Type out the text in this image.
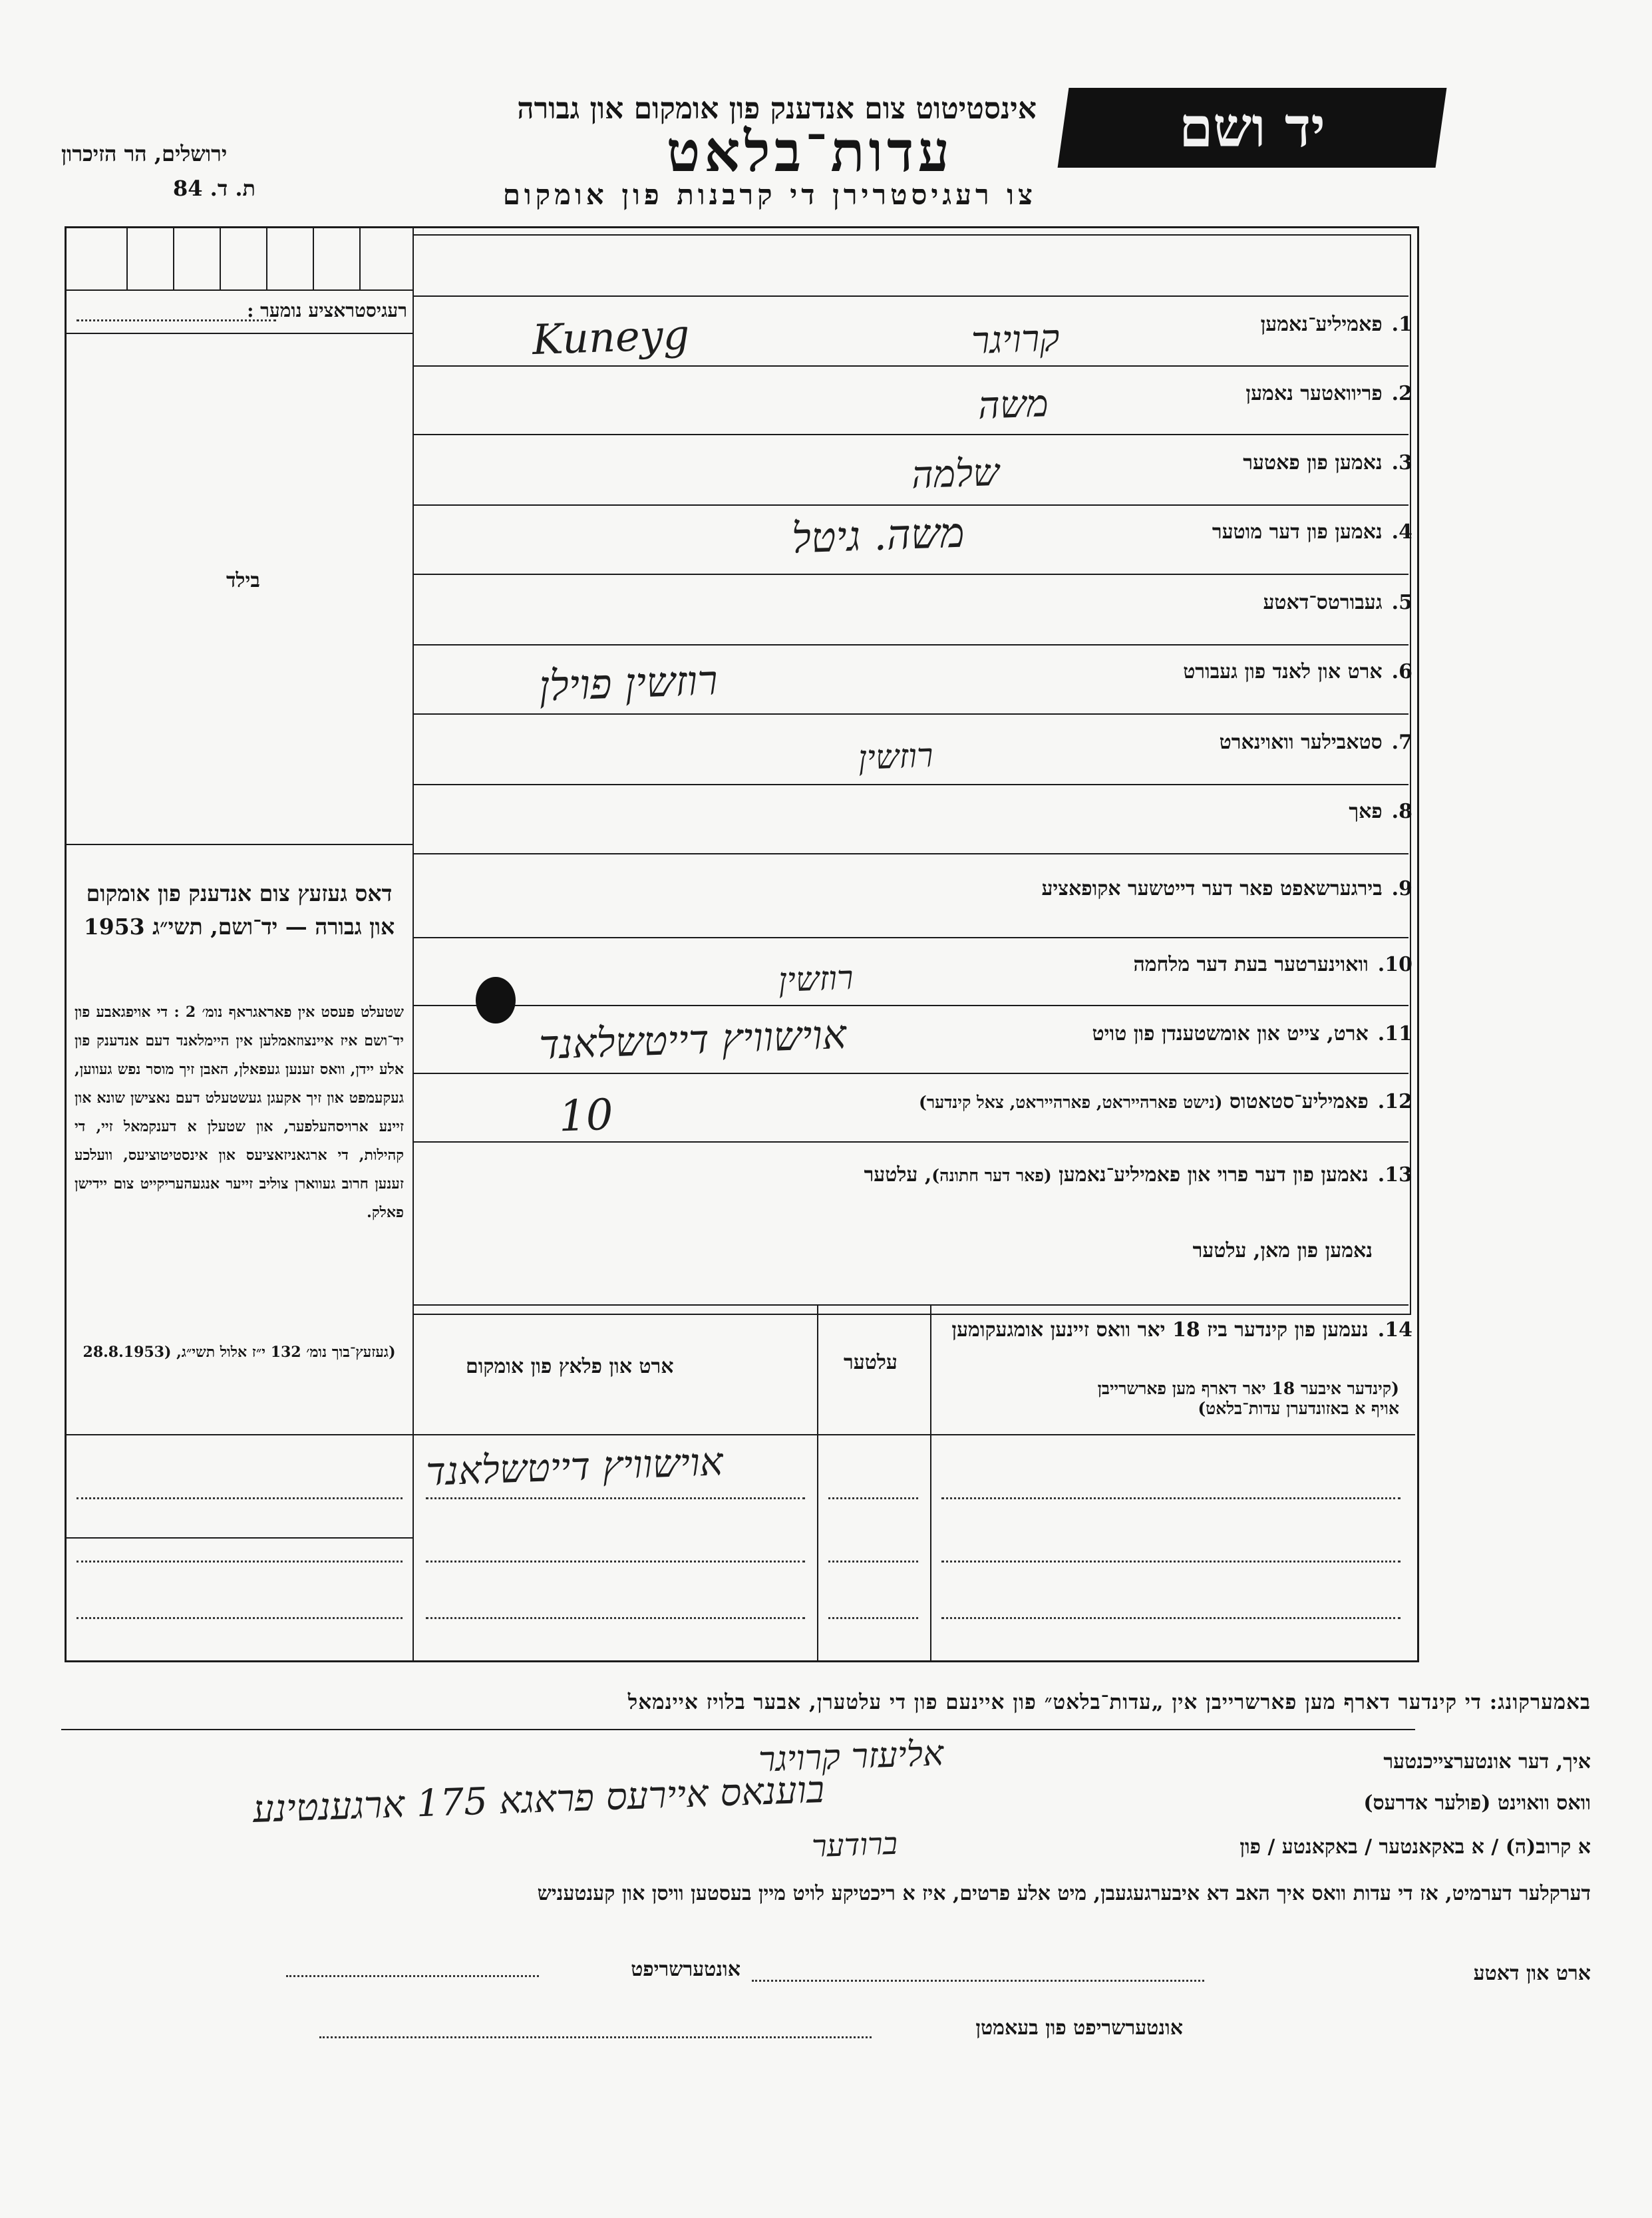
יד ושם
אינסטיטוט צום אנדענק פון אומקום און גבורה
עדות־בלאט
צו רעגיסטרירן די קרבנות פון אומקום
ירושלים, הר הזיכרון
ת. ד. 84
רעגיסטראציע נומער :
בילד
דאס געזעץ צום אנדענק פון אומקום און גבורה — יד־ושם, תשי״ג 1953
שטעלט פעסט אין פאראגראף נומ׳ 2 : די אויפגאבע פון יד־ושם איז איינצוזאמלען אין היימלאנד דעם אנדענק פון אלע יידן, וואס זענען געפאלן, האבן זיך מוסר נפש געווען, געקעמפט און זיך אקעגן געשטעלט דעם נאצישן שונא און זיינע ארויסהעלפער, און שטעלן א דענקמאל זיי, די קהילות, די ארגאניזאציעס און אינסטיטוציעס, וועלכע זענען חרוב געווארן צוליב זייער אנגעהעריקייט צום יידישן פאלק.
(געזעץ־בוך נומ׳ 132 י״ז אלול תשי״ג, (28.8.1953
1.פאמיליע־נאמען
2.פריוואטער נאמען
3.נאמען פון פאטער
4.נאמען פון דער מוטער
5.געבורטס־דאטע
6.ארט און לאנד פון געבורט
7.סטאבילער וואוינארט
8.פאך
9.בירגערשאפט פאר דער דייטשער אקופאציע
10.וואוינערטער בעת דער מלחמה
11.ארט, צייט און אומשטענדן פון טויט
12.פאמיליע־סטאטוס (נישט פארהייראט, פארהייראט, צאל קינדער)
13.נאמען פון דער פרוי און פאמיליע־נאמען (פאר דער חתונה), עלטער
נאמען פון מאן, עלטער
Kuneyg	קרויגר
משה
שלמה
משה. גיטל
רוזשין פוילן
רוזשין
רוזשין
אוישוויץ דייטשלאנד
10
14.נעמען פון קינדער ביז 18 יאר וואס זיינען אומגעקומען
(קינדער איבער 18 יאר דארף מען פארשרייבן
אויף א באזונדערן עדות־בלאט)
עלטער
ארט און פלאץ פון אומקום
אוישוויץ דייטשלאנד
באמערקונג: די קינדער דארף מען פארשרייבן אין „עדות־בלאט״ פון איינעם פון די עלטערן, אבער בלויז איינמאל
איך, דער אונטערצייכנטער
וואס וואוינט (פולער אדרעס)
א קרוב(ה) / א באקאנטער / באקאנטע / פון
דערקלער דערמיט, אז די עדות וואס איך האב דא איבערגעגעבן, מיט אלע פרטים, איז א ריכטיקע לויט מיין בעסטען וויסן און קענטעניש
אליעזר קרויגר
בוענאס איירעס פראגא 175 ארגענטינע
ברודער
ארט און דאטע
אונטערשריפט
אונטערשריפט פון בעאמטן
